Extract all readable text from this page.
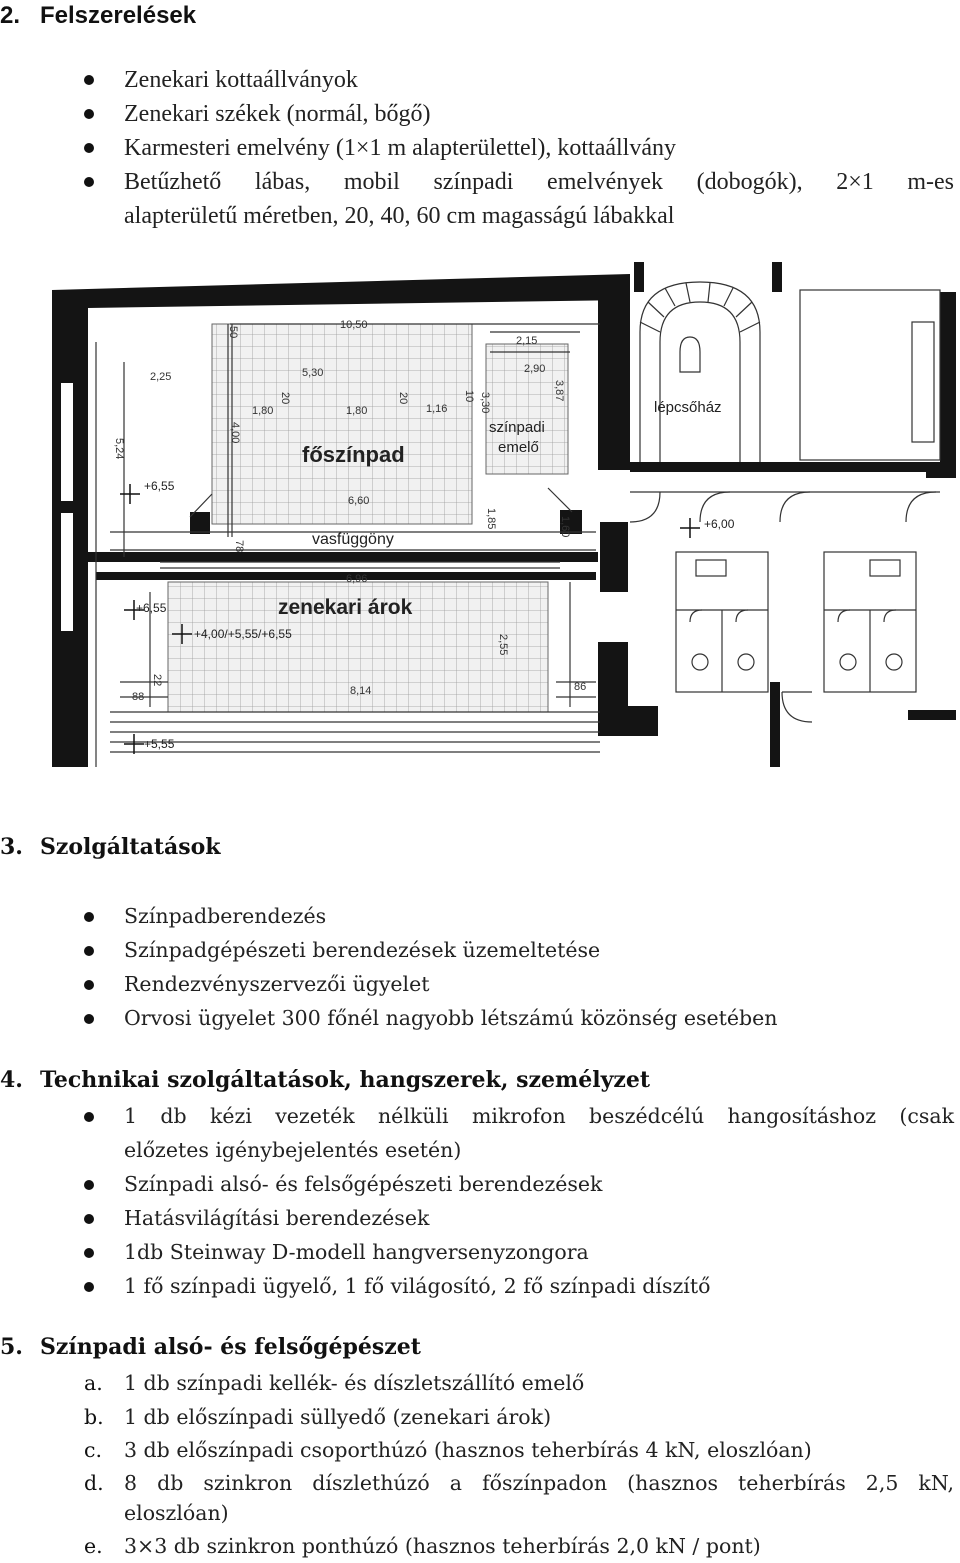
2. Felszerelések
Zenekari kottaállványok
Zenekari székek (normál, bőgő)
Karmesteri emelvény (1×1 m alapterülettel), kottaállvány
Betűzhető lábas, mobil színpadi emelvények (dobogók), 2×1 m-es
alapterületű méretben, 20, 40, 60 cm magasságú lábakkal
főszínpad
színpadi
emelő
vasfüggöny
zenekari árok
lépcsőház
10,50
2,15
2,90
5,30
2,25
1,80	1,80	1,16	3,30
3,87
5,24
4,00
6,60
1,85	1,60
6,96
2,55
8,14
88
86
78
50
20	20	10
22
+6,55
+6,00
+6,55
+4,00/+5,55/+6,55
+5,55
3. Szolgáltatások
Színpadberendezés
Színpadgépészeti berendezések üzemeltetése
Rendezvényszervezői ügyelet
Orvosi ügyelet 300 főnél nagyobb létszámú közönség esetében
4. Technikai szolgáltatások, hangszerek, személyzet
1 db kézi vezeték nélküli mikrofon beszédcélú hangosításhoz (csak
előzetes igénybejelentés esetén)
Színpadi alsó- és felsőgépészeti berendezések
Hatásvilágítási berendezések
1db Steinway D-modell hangversenyzongora
1 fő színpadi ügyelő, 1 fő világosító, 2 fő színpadi díszítő
5. Színpadi alsó- és felsőgépészet
a. 1 db színpadi kellék- és díszletszállító emelő
b. 1 db előszínpadi süllyedő (zenekari árok)
c. 3 db előszínpadi csoporthúzó (hasznos teherbírás 4 kN, eloszlóan)
d. 8 db szinkron díszlethúzó a főszínpadon (hasznos teherbírás 2,5 kN,
eloszlóan)
e. 3×3 db szinkron ponthúzó (hasznos teherbírás 2,0 kN / pont)
